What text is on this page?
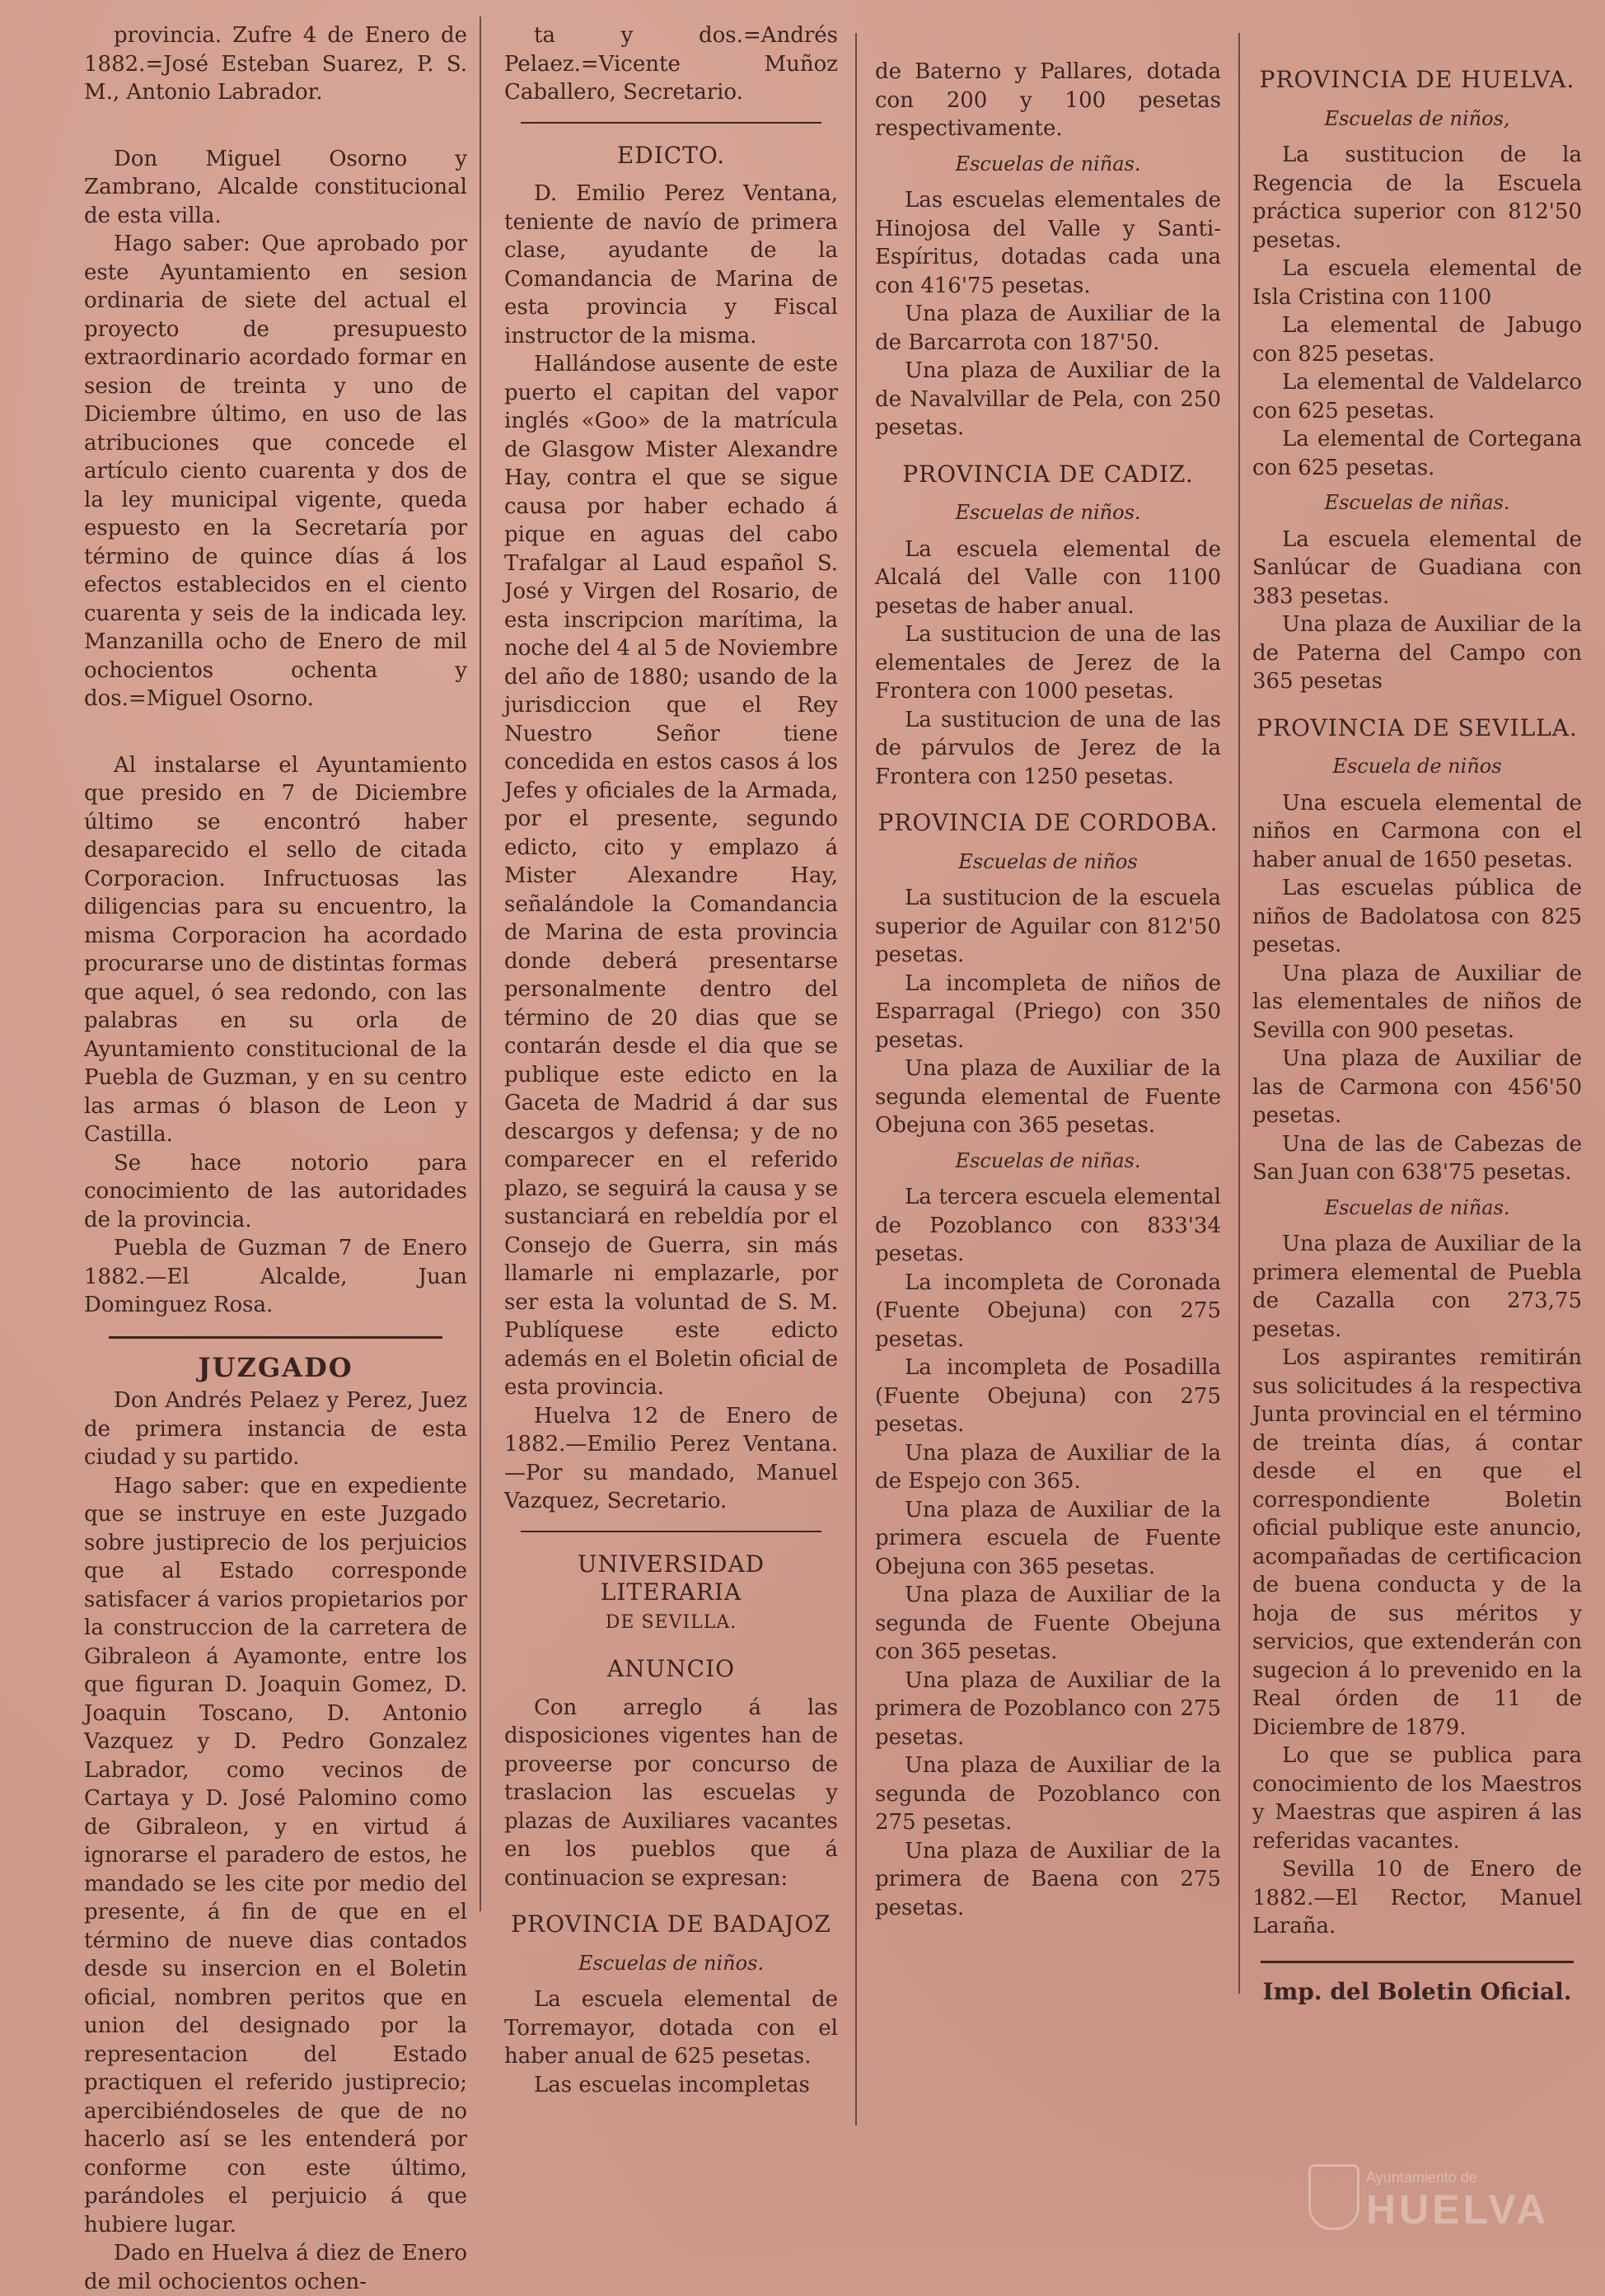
provincia. Zufre 4 de Enero de 1882.=José Esteban Suarez, P. S. M., Antonio Labrador.

Don Miguel Osorno y Zambrano, Alcalde constitucional de esta villa.

Hago saber: Que aprobado por este Ayuntamiento en sesion ordinaria de siete del actual el proyecto de presupuesto extraordinario acordado formar en sesion de treinta y uno de Diciembre último, en uso de las atribuciones que concede el artículo ciento cuarenta y dos de la ley municipal vigente, queda espuesto en la Secretaría por término de quince días á los efectos establecidos en el ciento cuarenta y seis de la indicada ley. Manzanilla ocho de Enero de mil ochocientos ochenta y dos.=Miguel Osorno.

Al instalarse el Ayuntamiento que presido en 7 de Diciembre último se encontró haber desaparecido el sello de citada Corporacion. Infructuosas las diligencias para su encuentro, la misma Corporacion ha acordado procurarse uno de distintas formas que aquel, ó sea redondo, con las palabras en su orla de Ayuntamiento constitucional de la Puebla de Guzman, y en su centro las armas ó blason de Leon y Castilla.

Se hace notorio para conocimiento de las autoridades de la provincia.

Puebla de Guzman 7 de Enero 1882.—El Alcalde, Juan Dominguez Rosa.

JUZGADO

Don Andrés Pelaez y Perez, Juez de primera instancia de esta ciudad y su partido.

Hago saber: que en expediente que se instruye en este Juzgado sobre justiprecio de los perjuicios que al Estado corresponde satisfacer á varios propietarios por la construccion de la carretera de Gibraleon á Ayamonte, entre los que figuran D. Joaquin Gomez, D. Joaquin Toscano, D. Antonio Vazquez y D. Pedro Gonzalez Labrador, como vecinos de Cartaya y D. José Palomino como de Gibraleon, y en virtud á ignorarse el paradero de estos, he mandado se les cite por medio del presente, á fin de que en el término de nueve dias contados desde su insercion en el Boletin oficial, nombren peritos que en union del designado por la representacion del Estado practiquen el referido justiprecio; apercibiéndoseles de que de no hacerlo así se les entenderá por conforme con este último, parándoles el perjuicio á que hubiere lugar.

Dado en Huelva á diez de Enero de mil ochocientos ochen-

ta y dos.=Andrés Pelaez.=Vicente Muñoz Caballero, Secretario.

EDICTO.

D. Emilio Perez Ventana, teniente de navío de primera clase, ayudante de la Comandancia de Marina de esta provincia y Fiscal instructor de la misma.

Hallándose ausente de este puerto el capitan del vapor inglés «Goo» de la matrícula de Glasgow Mister Alexandre Hay, contra el que se sigue causa por haber echado á pique en aguas del cabo Trafalgar al Laud español S. José y Virgen del Rosario, de esta inscripcion marítima, la noche del 4 al 5 de Noviembre del año de 1880; usando de la jurisdiccion que el Rey Nuestro Señor tiene concedida en estos casos á los Jefes y oficiales de la Armada, por el presente, segundo edicto, cito y emplazo á Mister Alexandre Hay, señalándole la Comandancia de Marina de esta provincia donde deberá presentarse personalmente dentro del término de 20 dias que se contarán desde el dia que se publique este edicto en la Gaceta de Madrid á dar sus descargos y defensa; y de no comparecer en el referido plazo, se seguirá la causa y se sustanciará en rebeldía por el Consejo de Guerra, sin más llamarle ni emplazarle, por ser esta la voluntad de S. M. Publíquese este edicto además en el Boletin oficial de esta provincia.

Huelva 12 de Enero de 1882.—Emilio Perez Ventana.—Por su mandado, Manuel Vazquez, Secretario.

UNIVERSIDAD LITERARIA
DE SEVILLA.
ANUNCIO

Con arreglo á las disposiciones vigentes han de proveerse por concurso de traslacion las escuelas y plazas de Auxiliares vacantes en los pueblos que á continuacion se expresan:

PROVINCIA DE BADAJOZ
Escuelas de niños.

La escuela elemental de Torremayor, dotada con el haber anual de 625 pesetas.

Las escuelas incompletas

de Baterno y Pallares, dotada con 200 y 100 pesetas respectivamente.

Escuelas de niñas.

Las escuelas elementales de Hinojosa del Valle y Santi-Espíritus, dotadas cada una con 416'75 pesetas.

Una plaza de Auxiliar de la de Barcarrota con 187'50.

Una plaza de Auxiliar de la de Navalvillar de Pela, con 250 pesetas.

PROVINCIA DE CADIZ.
Escuelas de niños.

La escuela elemental de Alcalá del Valle con 1100 pesetas de haber anual.

La sustitucion de una de las elementales de Jerez de la Frontera con 1000 pesetas.

La sustitucion de una de las de párvulos de Jerez de la Frontera con 1250 pesetas.

PROVINCIA DE CORDOBA.
Escuelas de niños

La sustitucion de la escuela superior de Aguilar con 812'50 pesetas.

La incompleta de niños de Esparragal (Priego) con 350 pesetas.

Una plaza de Auxiliar de la segunda elemental de Fuente Obejuna con 365 pesetas.

Escuelas de niñas.

La tercera escuela elemental de Pozoblanco con 833'34 pesetas.

La incompleta de Coronada (Fuente Obejuna) con 275 pesetas.

La incompleta de Posadilla (Fuente Obejuna) con 275 pesetas.

Una plaza de Auxiliar de la de Espejo con 365.

Una plaza de Auxiliar de la primera escuela de Fuente Obejuna con 365 pesetas.

Una plaza de Auxiliar de la segunda de Fuente Obejuna con 365 pesetas.

Una plaza de Auxiliar de la primera de Pozoblanco con 275 pesetas.

Una plaza de Auxiliar de la segunda de Pozoblanco con 275 pesetas.

Una plaza de Auxiliar de la primera de Baena con 275 pesetas.

PROVINCIA DE HUELVA.
Escuelas de niños,

La sustitucion de la Regencia de la Escuela práctica superior con 812'50 pesetas.

La escuela elemental de Isla Cristina con 1100

La elemental de Jabugo con 825 pesetas.

La elemental de Valdelarco con 625 pesetas.

La elemental de Cortegana con 625 pesetas.

Escuelas de niñas.

La escuela elemental de Sanlúcar de Guadiana con 383 pesetas.

Una plaza de Auxiliar de la de Paterna del Campo con 365 pesetas

PROVINCIA DE SEVILLA.
Escuela de niños

Una escuela elemental de niños en Carmona con el haber anual de 1650 pesetas.

Las escuelas pública de niños de Badolatosa con 825 pesetas.

Una plaza de Auxiliar de las elementales de niños de Sevilla con 900 pesetas.

Una plaza de Auxiliar de las de Carmona con 456'50 pesetas.

Una de las de Cabezas de San Juan con 638'75 pesetas.

Escuelas de niñas.

Una plaza de Auxiliar de la primera elemental de Puebla de Cazalla con 273,75 pesetas.

Los aspirantes remitirán sus solicitudes á la respectiva Junta provincial en el término de treinta días, á contar desde el en que el correspondiente Boletin oficial publique este anuncio, acompañadas de certificacion de buena conducta y de la hoja de sus méritos y servicios, que extenderán con sugecion á lo prevenido en la Real órden de 11 de Diciembre de 1879.

Lo que se publica para conocimiento de los Maestros y Maestras que aspiren á las referidas vacantes.

Sevilla 10 de Enero de 1882.—El Rector, Manuel Laraña.

Imp. del Boletin Oficial.
Ayuntamiento de
HUELVA
